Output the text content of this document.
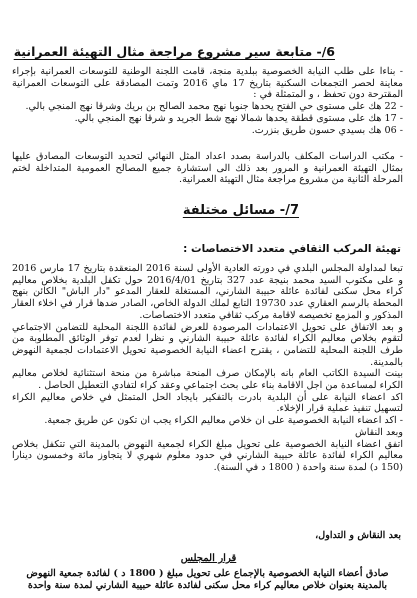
6/- متابعة سير مشروع مراجعة مثال التهيئة العمرانية

- بناءا على طلب النيابة الخصوصية ببلدية منجة، قامت اللجنة الوطنية للتوسعات العمرانية بإجراء معاينة لحصر التجمعات السكنية بتاريخ 17 ماي 2016 وتمت المصادقة على التوسعات العمرانية المقترحة دون تحفظ ، و المتمثلة في :

- 22 هك على مستوى حي الفتح يحدها جنوبا نهج محمد الصالح بن بريك وشرقا نهج المنجي بالي.

- 17 هك على مستوى قطقة يحدها شمالا نهج شط الجريد و شرقا نهج المنجي بالي.

- 06 هك بسيدي حسون طريق بنزرت.

- مكتب الدراسات المكلف بالدراسة بصدد اعداد المثل النهائي لتحديد التوسعات المصادق عليها بمثال التهيئة العمرانية و المرور بعد ذلك الى استشارة جميع المصالح العمومية المتداخلة لختم المرحلة الثانية من مشروع مراجعة مثال التهيئة العمرانية.

7/- مسائل مختلفة
تهيئة المركب الثقافي متعدد الاختصاصات :

تبعا لمداولة المجلس البلدي في دورته العادية الأولى لسنة 2016 المنعقدة بتاريخ 17 مارس 2016 و على مكتوب السيد محمد بنيجة عدد 327 بتاريخ 2016/4/01 حول تكفل البلدية بخلاص معاليم كراء محل سكنى لفائدة عائلة حبيبة الشارني، المستغلة للعقار المدعو "دار الباش" الكائن بنهج المحطة بالرسم العقاري عدد 19730 التابع لملك الدولة الخاص، الصادر ضدها قرار في اخلاء العقار المذكور و المزمع تخصيصه لاقامة مركب ثقافي متعدد الاختصاصات.

و بعد الاتفاق على تحويل الاعتمادات المرصودة للعرض لفائدة اللجنة المحلية للتضامن الاجتماعي لتقوم بخلاص معاليم الكراء لفائدة عائلة حبيبة الشارني و نظرا لعدم توفر الوثائق المطلوبة من طرف اللجنة المحلية للتضامن ، يقترح اعضاء النيابة الخصوصية تحويل الاعتمادات لجمعية النهوض بالمدينة.

بينت السيدة الكاتب العام بانه بالإمكان صرف المنحة مباشرة من منحة استثنائية لخلاص معاليم الكراء لمساعدة من اجل الاقامة بناء على بحث اجتماعي وعقد كراء لتفادي التعطيل الحاصل .

اكد اعضاء النيابة على أن البلدية بادرت بالتفكير بايجاد الحل المتمثل في خلاص معاليم الكراء لتسهيل تنفيذ عملية قرار الإخلاء.

- اكد اعضاء النيابة الخصوصية على ان خلاص معاليم الكراء يجب ان تكون عن طريق جمعية.

وبعد النقاش

اتفق اعضاء النيابة الخصوصية على تحويل مبلغ الكراء لجمعية النهوض بالمدينة التي تتكفل بخلاص معاليم الكراء لفائدة عائلة حبيبة الشارني في حدود معلوم شهري لا يتجاوز مائة وخمسون دينارا (150 د) لمدة سنة واحدة ( 1800 د في السنة).

بعد النقاش و التداول،
قرار المجلس

صادق أعضاء النيابة الخصوصية بالإجماع على تحويل مبلغ ( 1800 د ) لفائدة جمعية النهوض بالمدينة بعنوان خلاص معاليم كراء محل سكنى لفائدة عائلة حبيبة الشارني لمدة سنة واحدة
